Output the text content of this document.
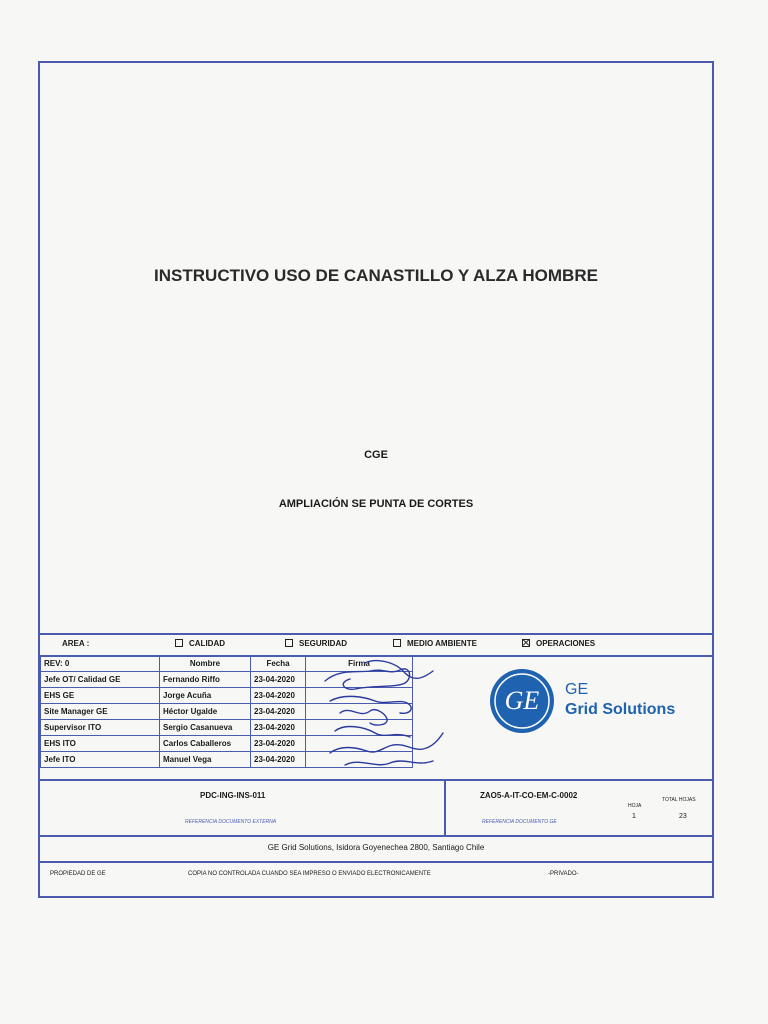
INSTRUCTIVO USO DE CANASTILLO Y ALZA HOMBRE
CGE
AMPLIACIÓN SE PUNTA DE CORTES
AREA :	CALIDAD	SEGURIDAD	MEDIO AMBIENTE	OPERACIONES
REV: 0	Nombre	Fecha	Firma
Jefe OT/ Calidad GE	Fernando Riffo	23-04-2020	
EHS GE	Jorge Acuña	23-04-2020	
Site Manager GE	Héctor Ugalde	23-04-2020	
Supervisor ITO	Sergio Casanueva	23-04-2020	
EHS ITO	Carlos Caballeros	23-04-2020	
Jefe ITO	Manuel Vega	23-04-2020	
GE GE
Grid Solutions
PDC-ING-INS-011
REFERENCIA DOCUMENTO EXTERNA
ZAO5-A-IT-CO-EM-C-0002
REFERENCIA DOCUMENTO GE
HOJA
1
TOTAL HOJAS
23
GE Grid Solutions, Isidora Goyenechea 2800, Santiago Chile
PROPIEDAD DE GE	COPIA NO CONTROLADA CUANDO SEA IMPRESO O ENVIADO ELECTRONICAMENTE	-PRIVADO-
